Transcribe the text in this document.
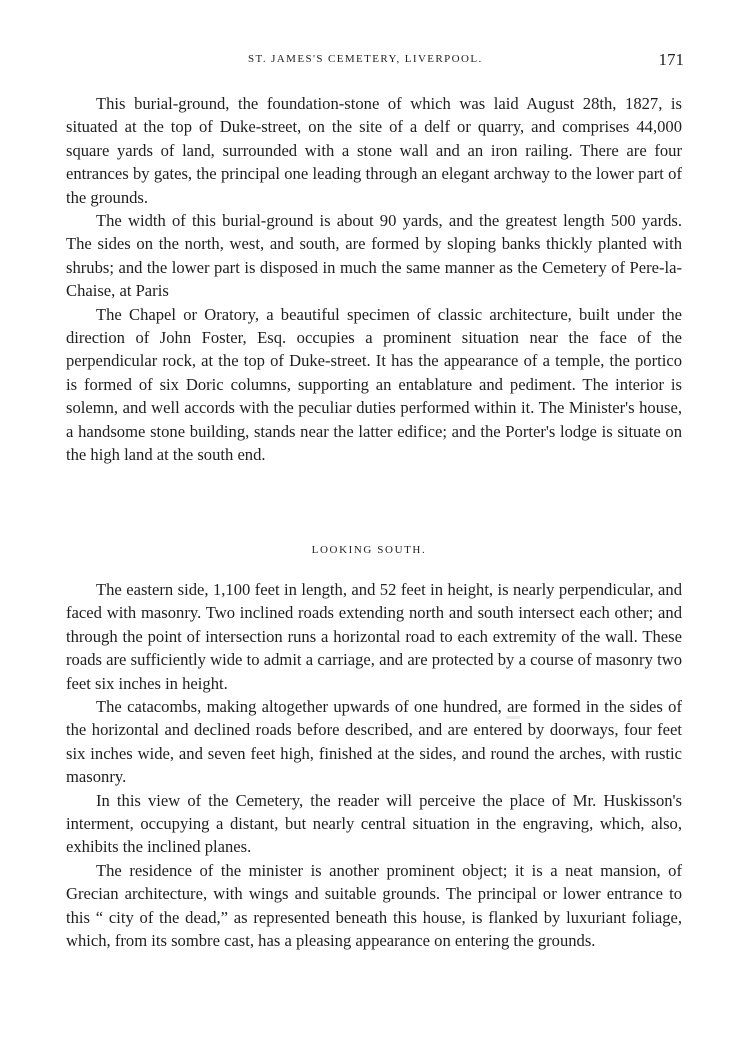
ST. JAMES'S CEMETERY, LIVERPOOL.	171

This burial-ground, the foundation-stone of which was laid August 28th, 1827, is situated at the top of Duke-street, on the site of a delf or quarry, and comprises 44,000 square yards of land, surrounded with a stone wall and an iron railing. There are four entrances by gates, the principal one leading through an elegant archway to the lower part of the grounds.

The width of this burial-ground is about 90 yards, and the greatest length 500 yards. The sides on the north, west, and south, are formed by sloping banks thickly planted with shrubs; and the lower part is disposed in much the same manner as the Cemetery of Pere-la-Chaise, at Paris

The Chapel or Oratory, a beautiful specimen of classic architecture, built under the direction of John Foster, Esq. occupies a prominent situation near the face of the perpendicular rock, at the top of Duke-street. It has the appearance of a temple, the portico is formed of six Doric columns, supporting an entablature and pediment. The interior is solemn, and well accords with the peculiar duties performed within it. The Minister's house, a handsome stone building, stands near the latter edifice; and the Porter's lodge is situate on the high land at the south end.

LOOKING SOUTH.

The eastern side, 1,100 feet in length, and 52 feet in height, is nearly perpendicular, and faced with masonry. Two inclined roads extending north and south intersect each other; and through the point of intersection runs a horizontal road to each extremity of the wall. These roads are sufficiently wide to admit a carriage, and are protected by a course of masonry two feet six inches in height.

The catacombs, making altogether upwards of one hundred, are formed in the sides of the horizontal and declined roads before described, and are entered by doorways, four feet six inches wide, and seven feet high, finished at the sides, and round the arches, with rustic masonry.

In this view of the Cemetery, the reader will perceive the place of Mr. Huskisson's interment, occupying a distant, but nearly central situation in the engraving, which, also, exhibits the inclined planes.

The residence of the minister is another prominent object; it is a neat mansion, of Grecian architecture, with wings and suitable grounds. The principal or lower entrance to this “ city of the dead,” as represented beneath this house, is flanked by luxuriant foliage, which, from its sombre cast, has a pleasing appearance on entering the grounds.
